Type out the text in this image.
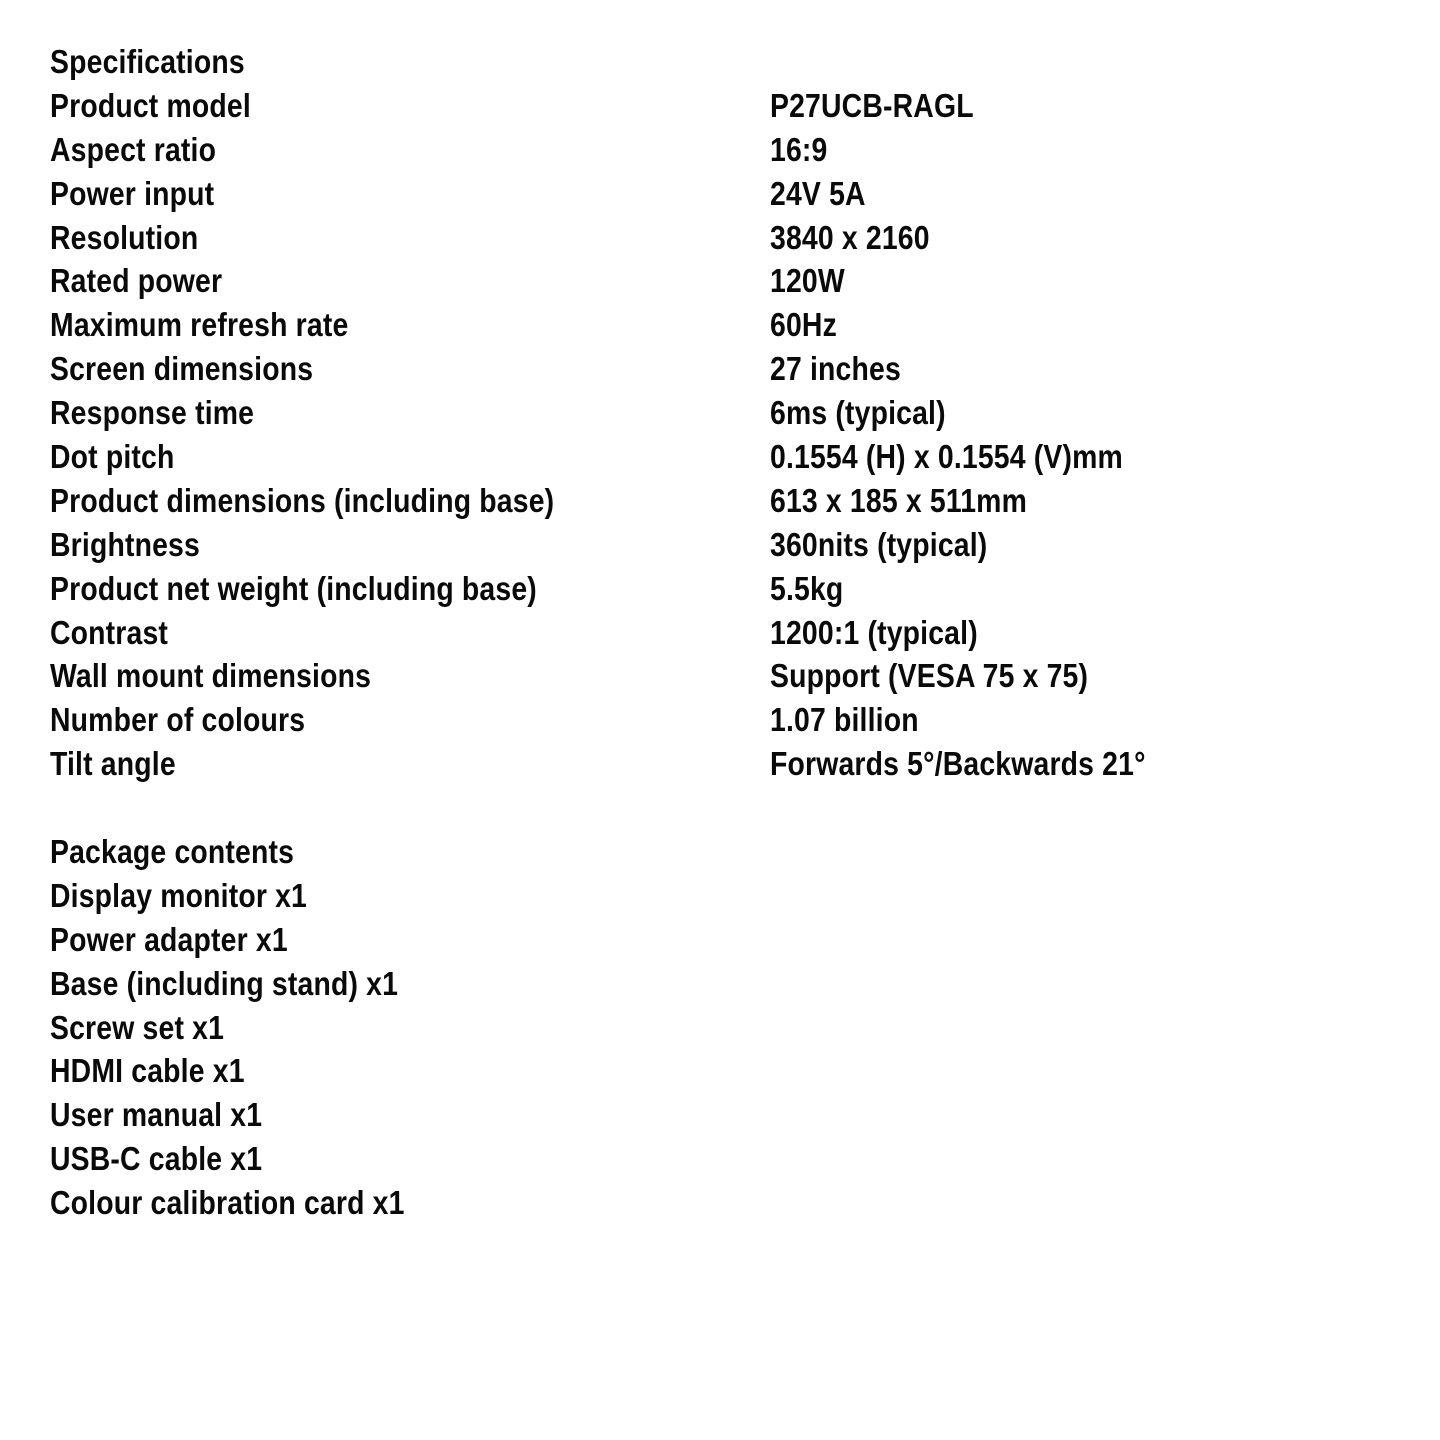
Specifications
Product model	P27UCB-RAGL
Aspect ratio	16:9
Power input	24V 5A
Resolution	3840 x 2160
Rated power	120W
Maximum refresh rate	60Hz
Screen dimensions	27 inches
Response time	6ms (typical)
Dot pitch	0.1554 (H) x 0.1554 (V)mm
Product dimensions (including base)	613 x 185 x 511mm
Brightness	360nits (typical)
Product net weight (including base)	5.5kg
Contrast	1200:1 (typical)
Wall mount dimensions	Support (VESA 75 x 75)
Number of colours	1.07 billion
Tilt angle	Forwards 5°/Backwards 21°
Package contents
Display monitor x1
Power adapter x1
Base (including stand) x1
Screw set x1
HDMI cable x1
User manual x1
USB-C cable x1
Colour calibration card x1
